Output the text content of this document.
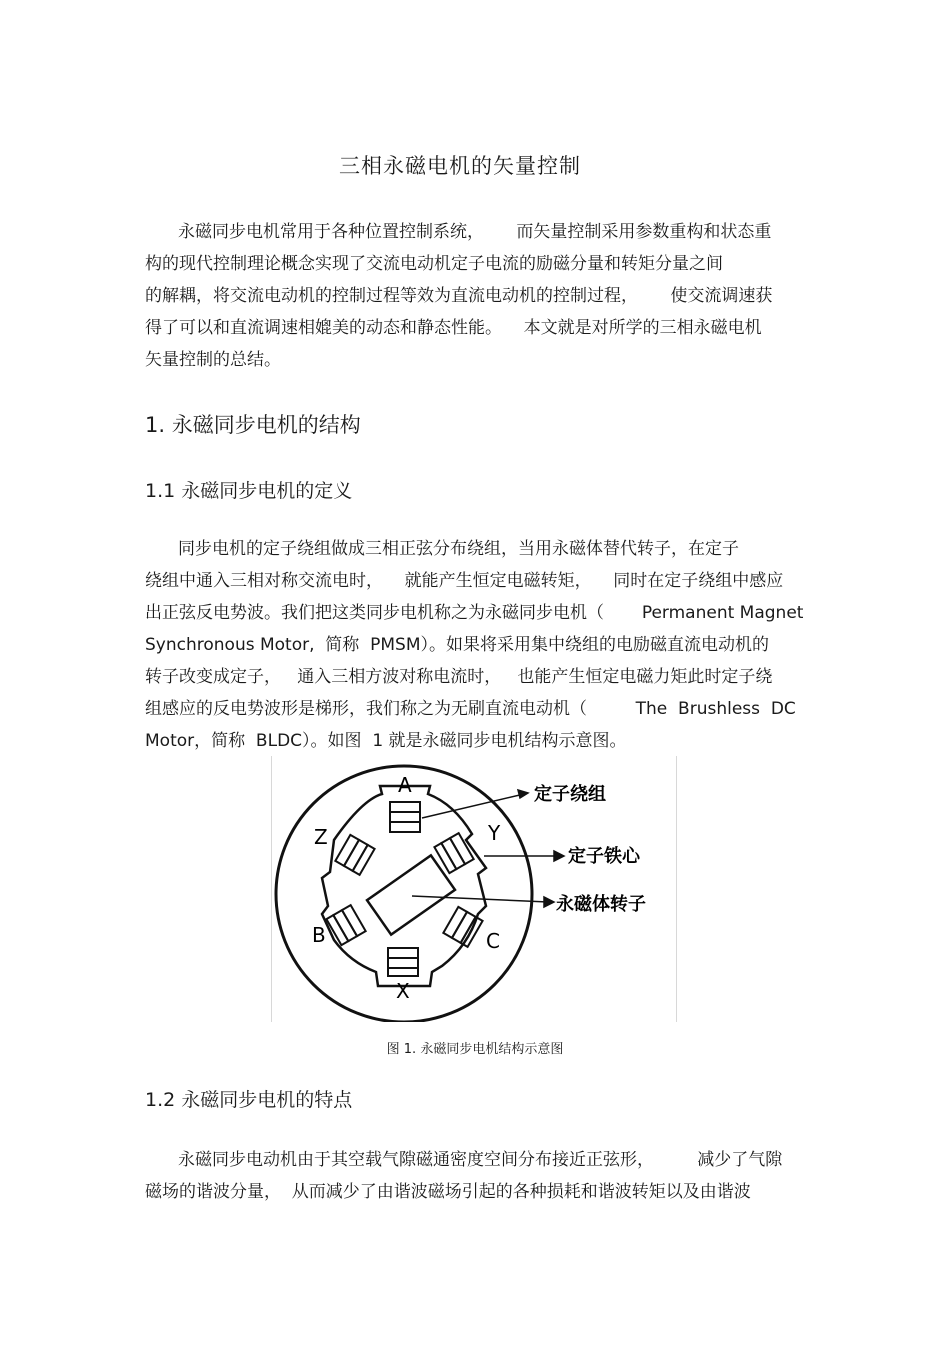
三相永磁电机的矢量控制
永磁同步电机常用于各种位置控制系统，      而矢量控制采用参数重构和状态重
构的现代控制理论概念实现了交流电动机定子电流的励磁分量和转矩分量之间
的解耦，将交流电动机的控制过程等效为直流电动机的控制过程，      使交流调速获
得了可以和直流调速相媲美的动态和静态性能。    本文就是对所学的三相永磁电机
矢量控制的总结。
1. 永磁同步电机的结构
1.1 永磁同步电机的定义
同步电机的定子绕组做成三相正弦分布绕组，当用永磁体替代转子，在定子
绕组中通入三相对称交流电时，    就能产生恒定电磁转矩，    同时在定子绕组中感应
出正弦反电势波。我们把这类同步电机称之为永磁同步电机（       Permanent Magnet
Synchronous Motor,  简称  PMSM）。如果将采用集中绕组的电励磁直流电动机的
转子改变成定子，   通入三相方波对称电流时，   也能产生恒定电磁力矩此时定子绕
组感应的反电势波形是梯形，我们称之为无刷直流电动机（         The  Brushless  DC
Motor，简称  BLDC）。如图  1 就是永磁同步电机结构示意图。
A
Y
C
X
B
Z
定子绕组
定子铁心
永磁体转子
图 1. 永磁同步电机结构示意图
1.2 永磁同步电机的特点
永磁同步电动机由于其空载气隙磁通密度空间分布接近正弦形，        减少了气隙
磁场的谐波分量，  从而减少了由谐波磁场引起的各种损耗和谐波转矩以及由谐波
